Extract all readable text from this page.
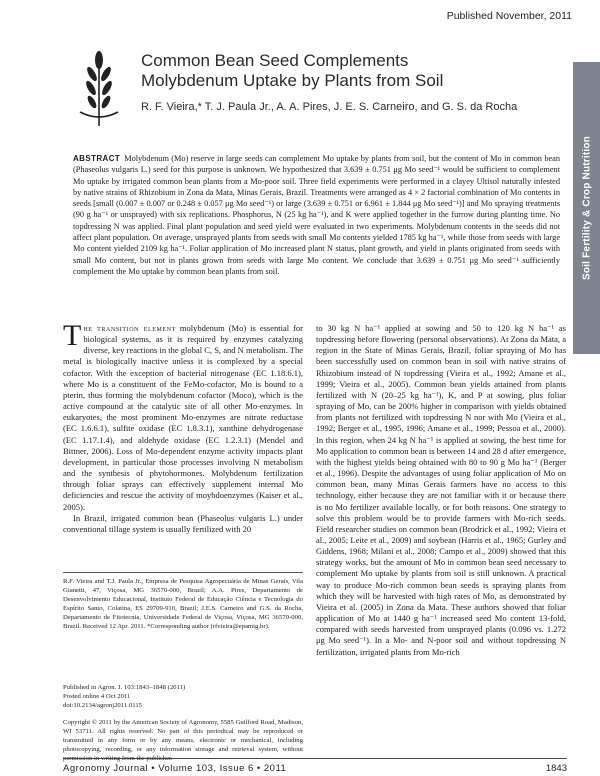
Published November, 2011
Common Bean Seed Complements Molybdenum Uptake by Plants from Soil
R. F. Vieira,* T. J. Paula Jr., A. A. Pires, J. E. S. Carneiro, and G. S. da Rocha
Soil Fertility & Crop Nutrition
ABSTRACT Molybdenum (Mo) reserve in large seeds can complement Mo uptake by plants from soil, but the content of Mo in common bean (Phaseolus vulgaris L.) seed for this purpose is unknown. We hypothesized that 3.639 ± 0.751 μg Mo seed⁻¹ would be sufficient to complement Mo uptake by irrigated common bean plants from a Mo-poor soil. Three field experiments were performed in a clayey Ultisol naturally infested by native strains of Rhizobium in Zona da Mata, Minas Gerais, Brazil. Treatments were arranged as 4 × 2 factorial combination of Mo contents in seeds [small (0.007 ± 0.007 or 0.248 ± 0.057 μg Mo seed⁻¹) or large (3.639 ± 0.751 or 6.961 ± 1.844 μg Mo seed⁻¹)] and Mo spraying treatments (90 g ha⁻¹ or unsprayed) with six replications. Phosphorus, N (25 kg ha⁻¹), and K were applied together in the furrow during planting time. No topdressing N was applied. Final plant population and seed yield were evaluated in two experiments. Molybdenum contents in the seeds did not affect plant population. On average, unsprayed plants from seeds with small Mo contents yielded 1785 kg ha⁻¹, while those from seeds with large Mo content yielded 2109 kg ha⁻¹. Foliar application of Mo increased plant N status, plant growth, and yield in plants originated from seeds with small Mo content, but not in plants grown from seeds with large Mo content. We conclude that 3.639 ± 0.751 μg Mo seed⁻¹ sufficiently complement the Mo uptake by common bean plants from soil.

The transition element molybdenum (Mo) is essential for biological systems, as it is required by enzymes catalyzing diverse, key reactions in the global C, S, and N metabolism. The metal is biologically inactive unless it is complexed by a special cofactor. With the exception of bacterial nitrogenase (EC 1.18.6.1), where Mo is a constituent of the FeMo-cofactor, Mo is bound to a pterin, thus forming the molybdenum cofactor (Moco), which is the active compound at the catalytic site of all other Mo-enzymes. In eukaryotes, the most prominent Mo-enzymes are nitrate reductase (EC 1.6.6.1), sulfite oxidase (EC 1.8.3.1), xanthine dehydrogenase (EC 1.17.1.4), and aldehyde oxidase (EC 1.2.3.1) (Mendel and Bittner, 2006). Loss of Mo-dependent enzyme activity impacts plant development, in particular those processes involving N metabolism and the synthesis of phytohormones. Molybdenum fertilization through foliar sprays can effectively supplement internal Mo deficiencies and rescue the activity of moybdoenzymes (Kaiser et al., 2005).

In Brazil, irrigated common bean (Phaseolus vulgaris L.) under conventional tillage system is usually fertilized with 20

to 30 kg N ha⁻¹ applied at sowing and 50 to 120 kg N ha⁻¹ as topdressing before flowering (personal observations). At Zona da Mata, a region in the State of Minas Gerais, Brazil, foliar spraying of Mo has been successfully used on common bean in soil with native strains of Rhizobium instead of N topdressing (Vieira et al., 1992; Amane et al., 1999; Vieira et al., 2005). Common bean yields attained from plants fertilized with N (20–25 kg ha⁻¹), K, and P at sowing, plus foliar spraying of Mo, can be 200% higher in comparison with yields obtained from plants not fertilized with topdressing N nor with Mo (Vieira et al., 1992; Berger et al., 1995, 1996; Amane et al., 1999; Pessoa et al., 2000). In this region, when 24 kg N ha⁻¹ is applied at sowing, the best time for Mo application to common bean is between 14 and 28 d after emergence, with the highest yields being obtained with 80 to 90 g Mo ha⁻¹ (Berger et al., 1996). Despite the advantages of using foliar application of Mo on common bean, many Minas Gerais farmers have no access to this technology, either because they are not familiar with it or because there is no Mo fertilizer available locally, or for both reasons. One strategy to solve this problem would be to provide farmers with Mo-rich seeds. Field researcher studies on common bean (Brodrick et al., 1992; Vieira et al., 2005; Leite et al., 2009) and soybean (Harris et al., 1965; Gurley and Giddens, 1968; Milani et al., 2008; Campo et al., 2009) showed that this strategy works, but the amount of Mo in common bean seed necessary to complement Mo uptake by plants from soil is still unknown. A practical way to produce Mo-rich common bean seeds is spraying plants from which they will be harvested with high rates of Mo, as demonstrated by Vieira et al. (2005) in Zona da Mata. These authors showed that foliar application of Mo at 1440 g ha⁻¹ increased seed Mo content 13-fold, compared with seeds harvested from unsprayed plants (0.096 vs. 1.272 μg Mo seed⁻¹). In a Mo- and N-poor soil and without topdressing N fertilization, irrigated plants from Mo-rich

R.F. Vieira and T.J. Paula Jr., Empresa de Pesquisa Agropecuária de Minas Gerais, Vila Gianetti, 47, Viçosa, MG 36570-000, Brazil; A.A. Pires, Departamento de Desenvolvimento Educacional, Instituto Federal de Educação Ciência e Tecnologia do Espírito Santo, Colatina, ES 29709-910, Brazil; J.E.S. Carneiro and G.S. da Rocha, Departamento de Fitotecnia, Universidade Federal de Viçosa, Viçosa, MG 36570-000, Brazil. Received 12 Apr. 2011. *Corresponding author (rfvieira@epamig.br).
Published in Agron. J. 103:1843–1848 (2011)
Posted online 4 Oct 2011
doi:10.2134/agronj2011.0115
Copyright © 2011 by the American Society of Agronomy, 5585 Guilford Road, Madison, WI 53711. All rights reserved. No part of this periodical may be reproduced or transmitted in any form or by any means, electronic or mechanical, including photocopying, recording, or any information storage and retrieval system, without
Agronomy Journal • Volume 103, Issue 6 • 2011	1843
